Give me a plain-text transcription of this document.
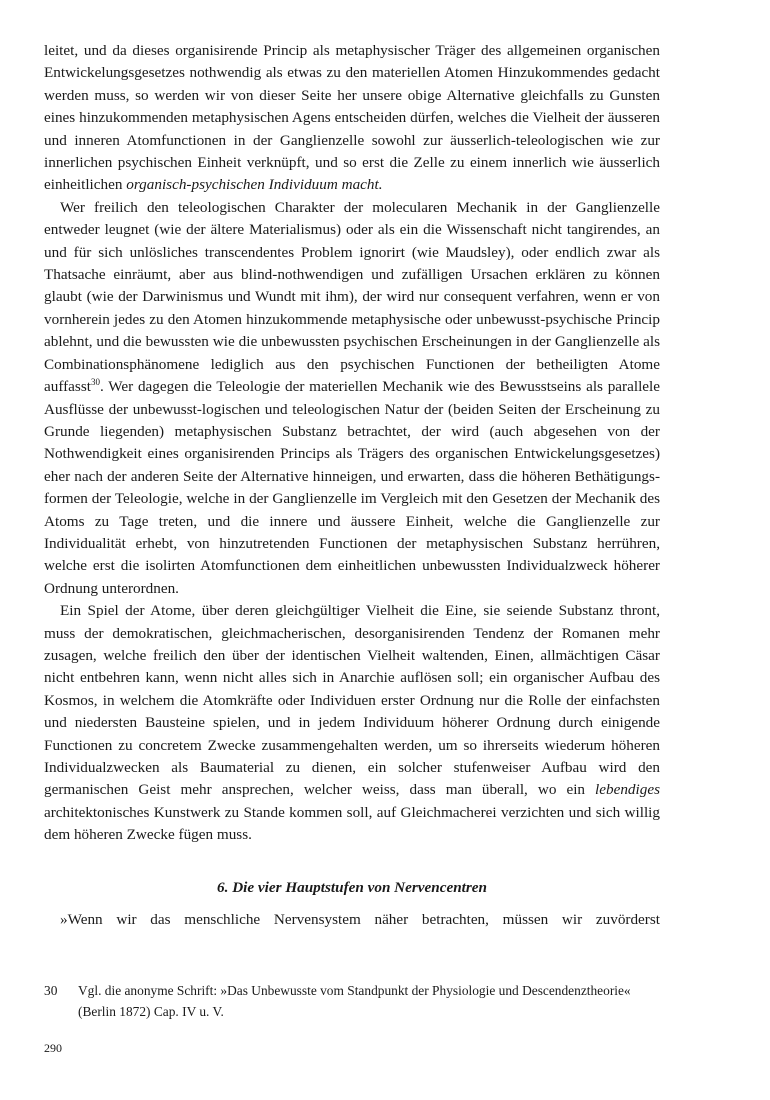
leitet, und da dieses organisirende Princip als metaphysischer Träger des allgemeinen organischen Entwickelungsgesetzes nothwendig als etwas zu den materiellen Atomen Hinzukommendes gedacht werden muss, so werden wir von dieser Seite her unsere obige Alternative gleichfalls zu Gunsten eines hinzukommenden metaphysischen Agens entscheiden dürfen, welches die Vielheit der äusseren und inneren Atomfunctionen in der Ganglienzelle sowohl zur äusserlich-teleologischen wie zur innerlichen psychischen Einheit verknüpft, und so erst die Zelle zu einem innerlich wie äusserlich einheitlichen organisch-psychischen Individuum macht.

Wer freilich den teleologischen Charakter der molecularen Mechanik in der Ganglienzelle entweder leugnet (wie der ältere Materialismus) oder als ein die Wissenschaft nicht tangirendes, an und für sich unlösliches transcendentes Problem ignorirt (wie Maudsley), oder endlich zwar als Thatsache einräumt, aber aus blind-nothwendigen und zufälligen Ursachen erklären zu können glaubt (wie der Darwinismus und Wundt mit ihm), der wird nur consequent verfahren, wenn er von vornherein jedes zu den Atomen hinzukommende metaphysische oder unbewusst-psychische Princip ablehnt, und die bewussten wie die unbewussten psychischen Erscheinungen in der Ganglienzelle als Combinationsphänomene lediglich aus den psychischen Functionen der betheiligten Atome auffasst$^{30}$. Wer dagegen die Teleologie der materiellen Mechanik wie des Bewusstseins als parallele Ausflüsse der unbewusst-logischen und teleologischen Natur der (beiden Seiten der Erscheinung zu Grunde liegenden) metaphysischen Substanz betrachtet, der wird (auch abgesehen von der Nothwendigkeit eines organisirenden Princips als Trägers des organischen Entwickelungsgesetzes) eher nach der anderen Seite der Alternative hinneigen, und erwarten, dass die höheren Bethätigungsformen der Teleologie, welche in der Ganglienzelle im Vergleich mit den Gesetzen der Mechanik des Atoms zu Tage treten, und die innere und äussere Einheit, welche die Ganglienzelle zur Individualität erhebt, von hinzutretenden Functionen der metaphysischen Substanz herrühren, welche erst die isolirten Atomfunctionen dem einheitlichen unbewussten Individualzweck höherer Ordnung unterordnen.

Ein Spiel der Atome, über deren gleichgültiger Vielheit die Eine, sie seiende Substanz thront, muss der demokratischen, gleichmacherischen, desorganisirenden Tendenz der Romanen mehr zusagen, welche freilich den über der identischen Vielheit waltenden, Einen, allmächtigen Cäsar nicht entbehren kann, wenn nicht alles sich in Anarchie auflösen soll; ein organischer Aufbau des Kosmos, in welchem die Atomkräfte oder Individuen erster Ordnung nur die Rolle der einfachsten und niedersten Bausteine spielen, und in jedem Individuum höherer Ordnung durch einigende Functionen zu concretem Zwecke zusammengehalten werden, um so ihrerseits wiederum höheren Individualzwecken als Baumaterial zu dienen, ein solcher stufenweiser Aufbau wird den germanischen Geist mehr ansprechen, welcher weiss, dass man überall, wo ein lebendiges architektonisches Kunstwerk zu Stande kommen soll, auf Gleichmacherei verzichten und sich willig dem höheren Zwecke fügen muss.

6. Die vier Hauptstufen von Nervencentren

»Wenn wir das menschliche Nervensystem näher betrachten, müssen wir zuvörderst

30	Vgl. die anonyme Schrift: »Das Unbewusste vom Standpunkt der Physiologie und Descendenztheorie« (Berlin 1872) Cap. IV u. V.
290
